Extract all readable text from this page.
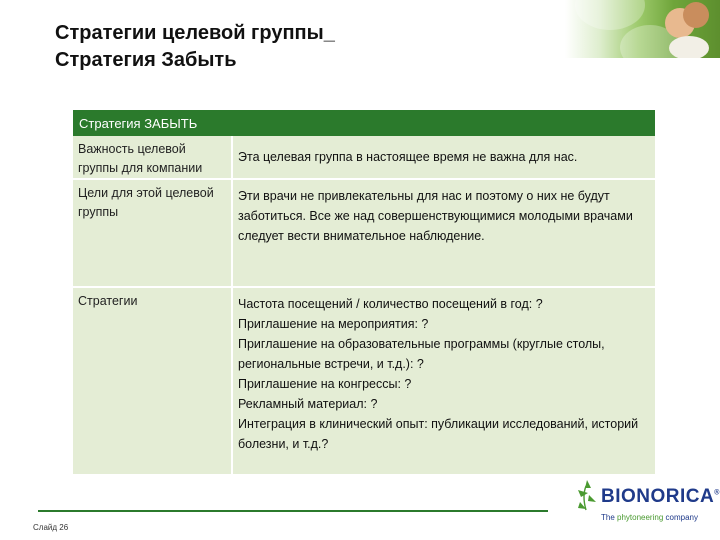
Стратегии целевой группы_
Стратегия Забыть
Стратегия ЗАБЫТЬ
Важность целевой группы для компании
Эта целевая группа в настоящее время не важна для нас.
Цели для этой целевой группы
Эти врачи не привлекательны для нас и поэтому о них не будут заботиться. Все же над совершенствующимися молодыми врачами следует вести внимательное наблюдение.
Стратегии	Частота посещений / количество посещений в год: ?
Приглашение на мероприятия: ?
Приглашение на образовательные программы (круглые столы, региональные встречи, и т.д.): ?
Приглашение на конгрессы: ?
Рекламный материал: ?
Интеграция в клинический опыт: публикации исследований, историй болезни, и т.д.?
Слайд 26
BIONORICA®
The phytoneering company
